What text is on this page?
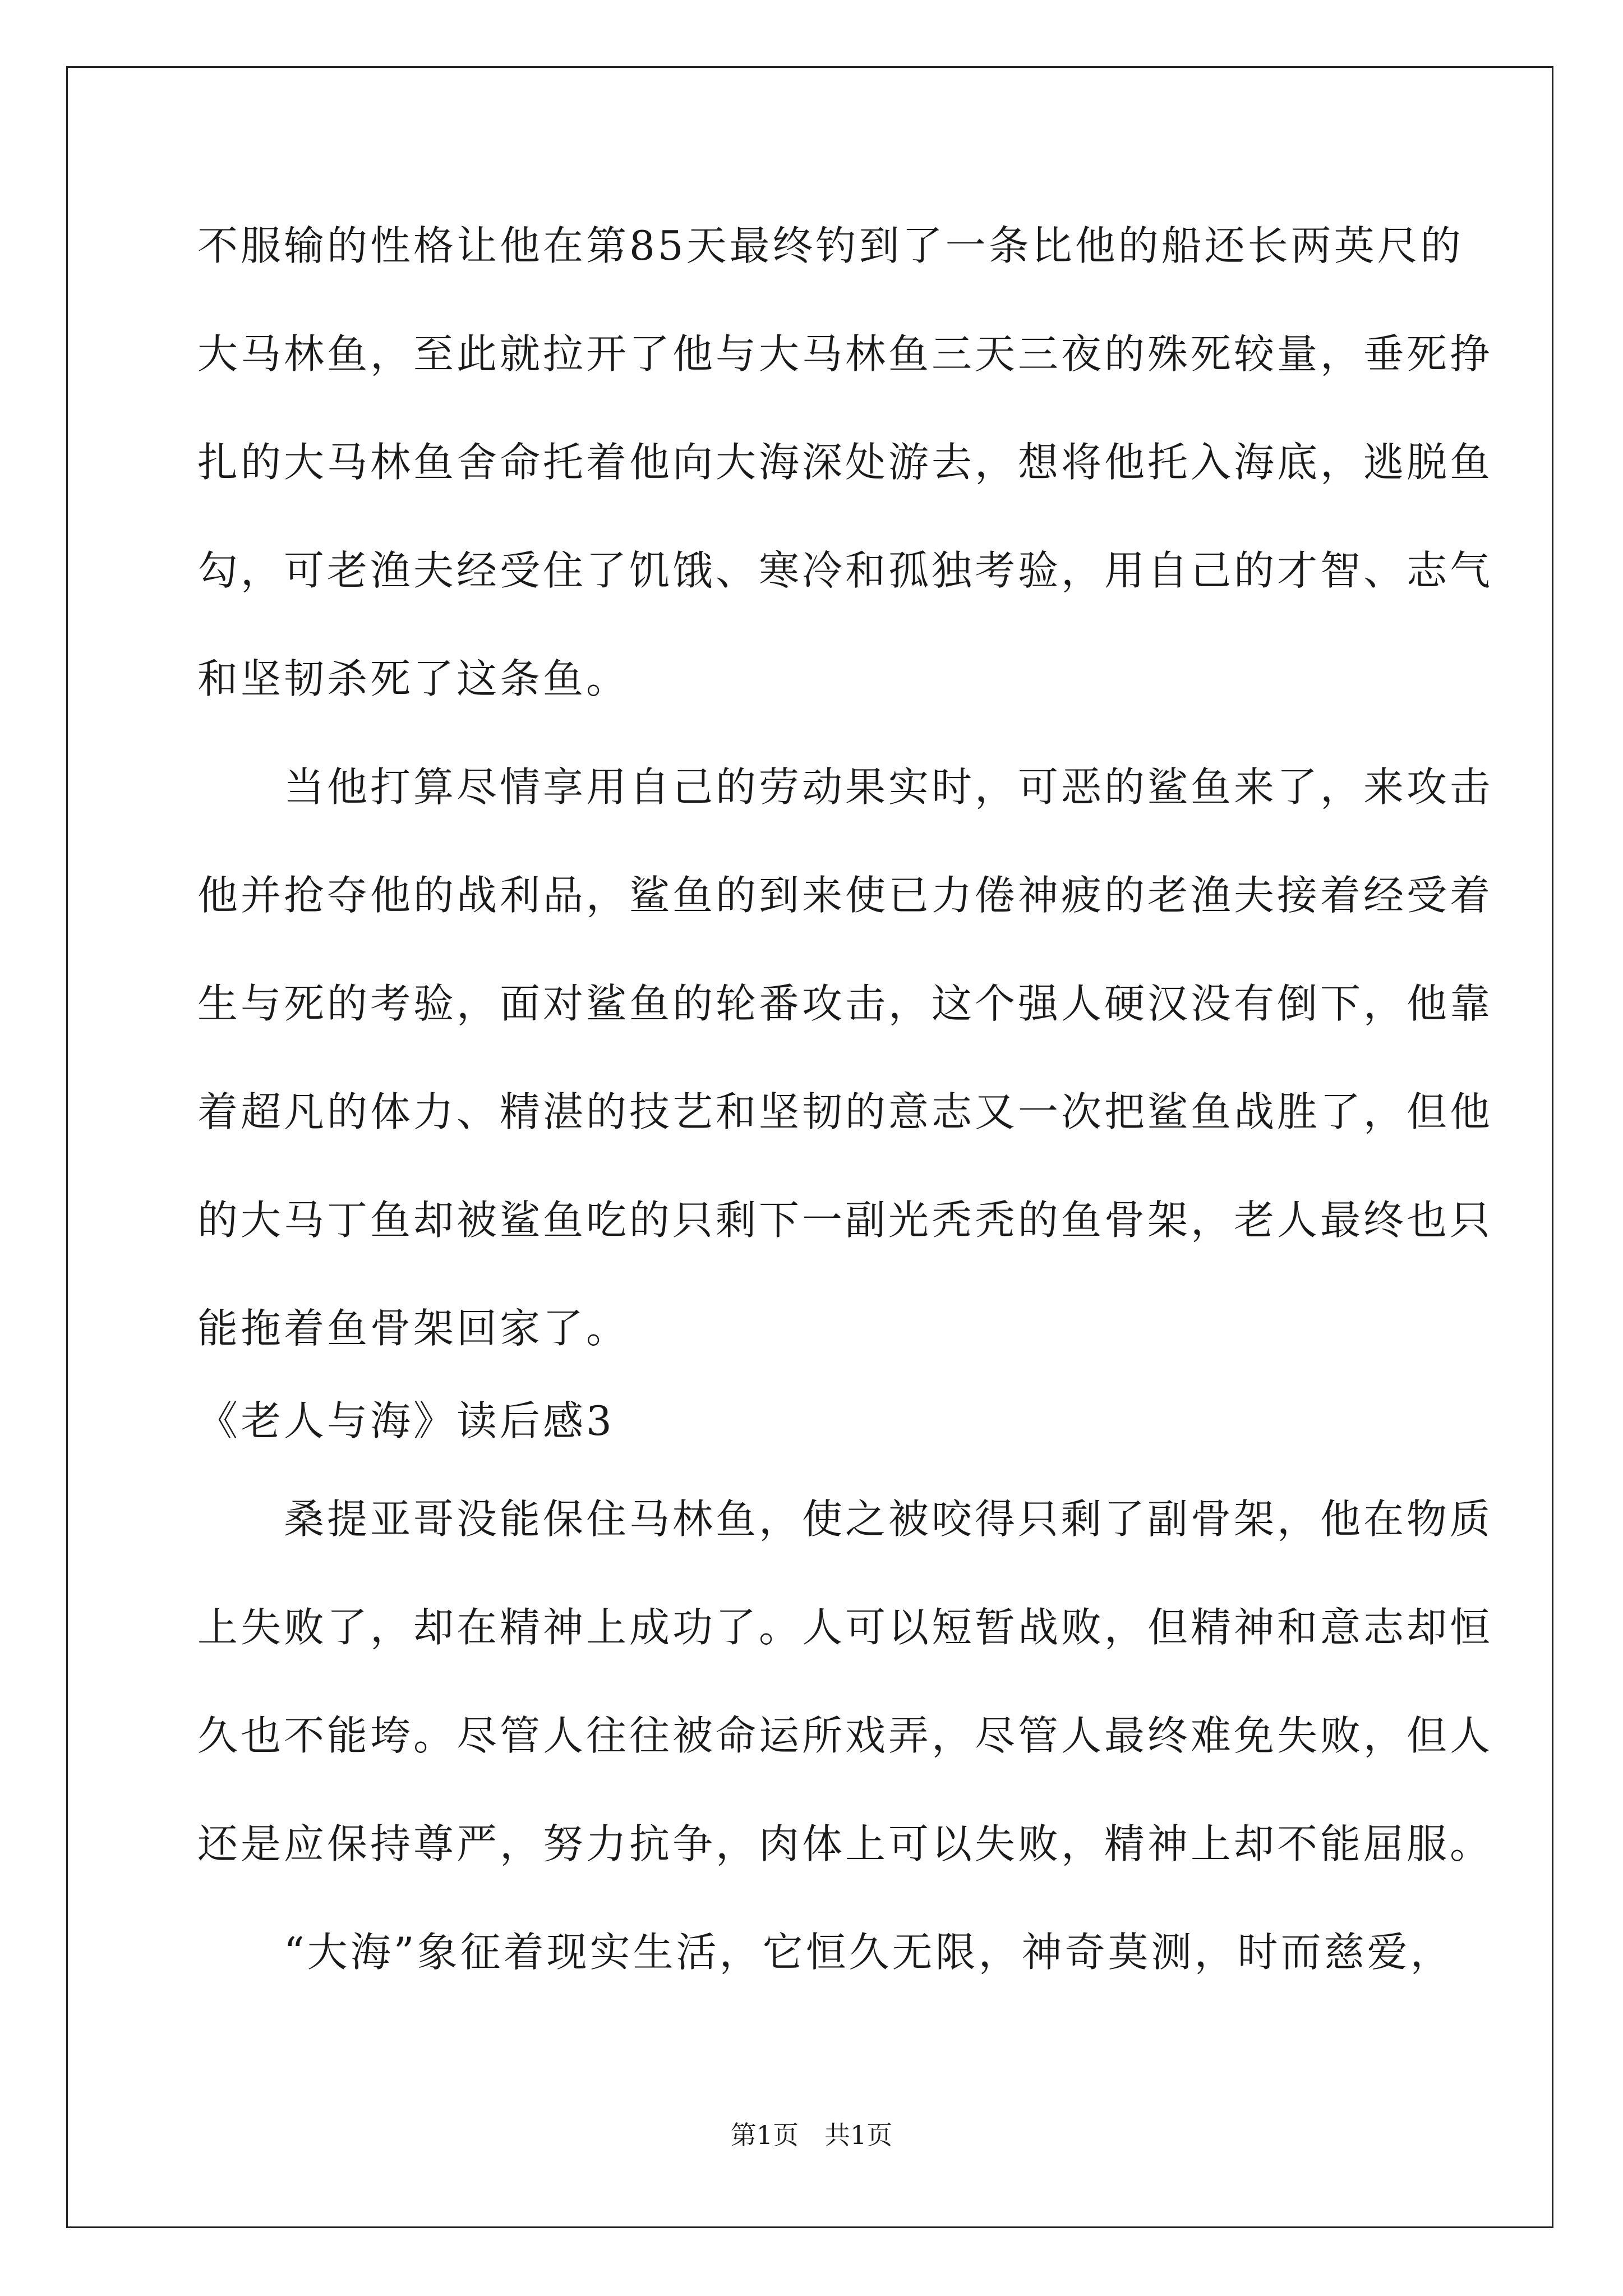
不服输的性格让他在第85天最终钓到了一条比他的船还长两英尺的
大马林鱼，至此就拉开了他与大马林鱼三天三夜的殊死较量，垂死挣
扎的大马林鱼舍命托着他向大海深处游去，想将他托入海底，逃脱鱼
勾，可老渔夫经受住了饥饿、寒冷和孤独考验，用自己的才智、志气
和坚韧杀死了这条鱼。
　　当他打算尽情享用自己的劳动果实时，可恶的鲨鱼来了，来攻击
他并抢夺他的战利品，鲨鱼的到来使已力倦神疲的老渔夫接着经受着
生与死的考验，面对鲨鱼的轮番攻击，这个强人硬汉没有倒下，他靠
着超凡的体力、精湛的技艺和坚韧的意志又一次把鲨鱼战胜了，但他
的大马丁鱼却被鲨鱼吃的只剩下一副光秃秃的鱼骨架，老人最终也只
能拖着鱼骨架回家了。
《老人与海》读后感3
　　桑提亚哥没能保住马林鱼，使之被咬得只剩了副骨架，他在物质
上失败了，却在精神上成功了。人可以短暂战败，但精神和意志却恒
久也不能垮。尽管人往往被命运所戏弄，尽管人最终难免失败，但人
还是应保持尊严，努力抗争，肉体上可以失败，精神上却不能屈服。
　　“大海”象征着现实生活，它恒久无限，神奇莫测，时而慈爱，
第1页　共1页
